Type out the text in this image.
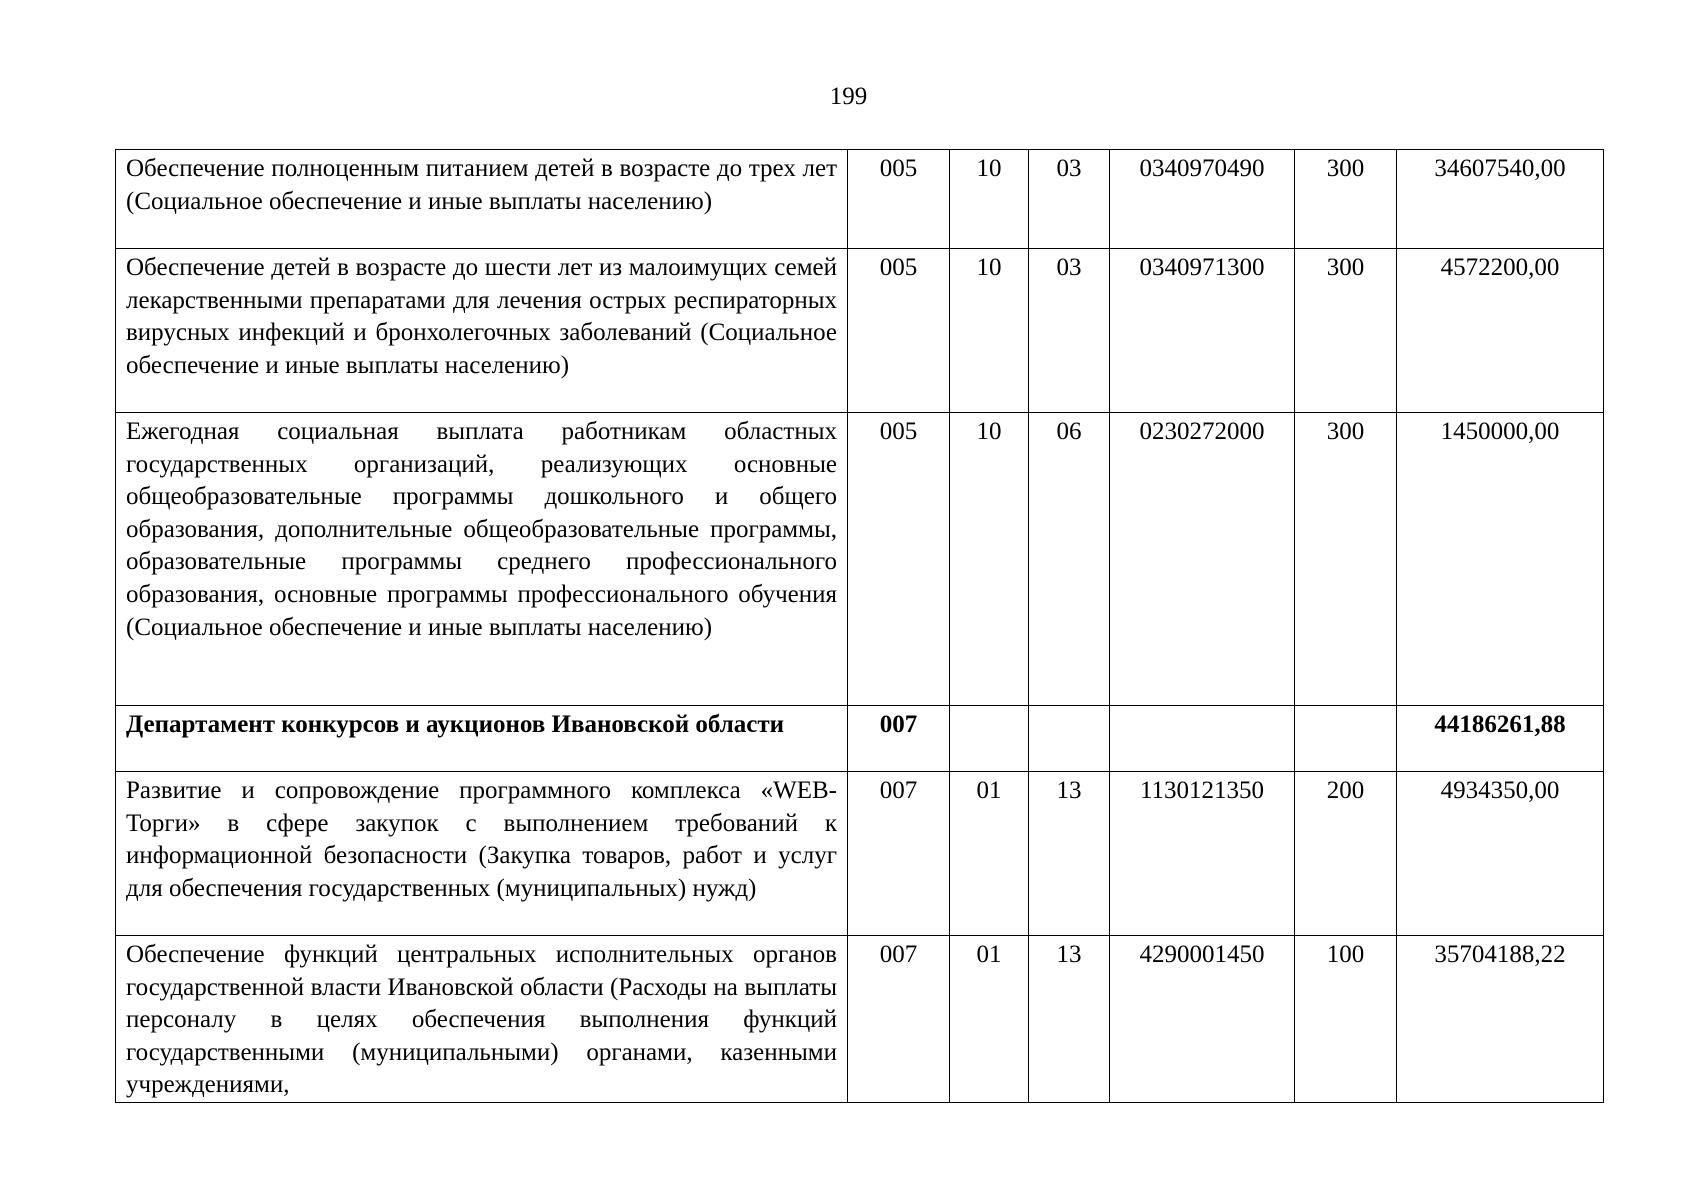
199
Обеспечение полноценным питанием детей в возрасте до трех лет (Социальное обеспечение и иные выплаты населению)	005	10	03	0340970490	300	34607540,00
Обеспечение детей в возрасте до шести лет из малоимущих семей лекарственными препаратами для лечения острых респираторных вирусных инфекций и бронхолегочных заболеваний (Социальное обеспечение и иные выплаты населению)	005	10	03	0340971300	300	4572200,00
Ежегодная социальная выплата работникам областных государственных организаций, реализующих основные общеобразовательные программы дошкольного и общего образования, дополнительные общеобразовательные программы, образовательные программы среднего профессионального образования, основные программы профессионального обучения (Социальное обеспечение и иные выплаты населению)	005	10	06	0230272000	300	1450000,00
Департамент конкурсов и аукционов Ивановской области	007					44186261,88
Развитие и сопровождение программного комплекса «WEB-Торги» в сфере закупок с выполнением требований к информационной безопасности (Закупка товаров, работ и услуг для обеспечения государственных (муниципальных) нужд)	007	01	13	1130121350	200	4934350,00
Обеспечение функций центральных исполнительных органов государственной власти Ивановской области (Расходы на выплаты персоналу в целях обеспечения выполнения функций государственными (муниципальными) органами, казенными учреждениями,	007	01	13	4290001450	100	35704188,22
